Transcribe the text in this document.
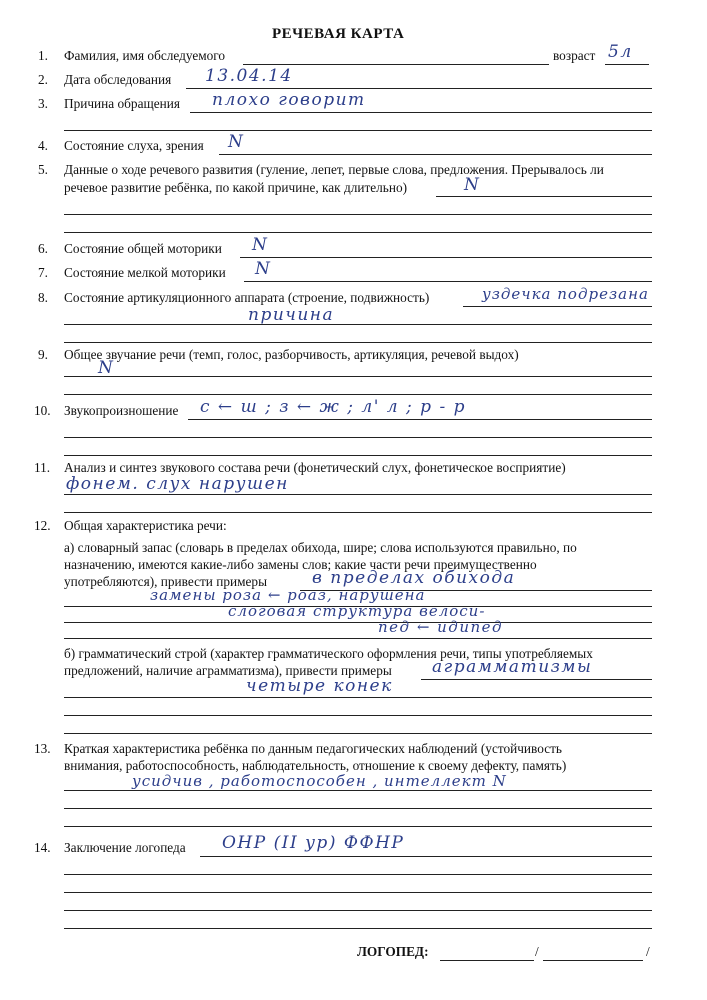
РЕЧЕВАЯ КАРТА
1. Фамилия, имя обследуемого	возраст 5л
2. Дата обследования 13.04.14
3. Причина обращения плохо говорит
4. Состояние слуха, зрения N
5. Данные о ходе речевого развития (гуление, лепет, первые слова, предложения. Прерывалось ли
речевое развитие ребёнка, по какой причине, как длительно)	N
6. Состояние общей моторики N
7. Состояние мелкой моторики N
8. Состояние артикуляционного аппарата (строение, подвижность)	уздечка подрезана
причина
9. Общее звучание речи (темп, голос, разборчивость, артикуляция, речевой выдох)
N
10. Звукопроизношение с ← ш ; з ← ж ; л' л ; р - р
11. Анализ и синтез звукового состава речи (фонетический слух, фонетическое восприятие)
фонем. слух нарушен
12. Общая характеристика речи:
а) словарный запас (словарь в пределах обихода, шире; слова используются правильно, по
назначению, имеются какие-либо замены слов; какие части речи преимущественно
употребляются), привести примеры	в пределах обихода
замены роза ← роаз, нарушена
слоговая структура велоси-
пед ← идипед
б) грамматический строй (характер грамматического оформления речи, типы употребляемых
предложений, наличие аграмматизма), привести примеры аграмматизмы
четыре конек
13. Краткая характеристика ребёнка по данным педагогических наблюдений (устойчивость
внимания, работоспособность, наблюдательность, отношение к своему дефекту, память)
усидчив , работоспособен , интеллект N
14. Заключение логопеда ОНР (II ур) ФФНР
ЛОГОПЕД:	/	/
